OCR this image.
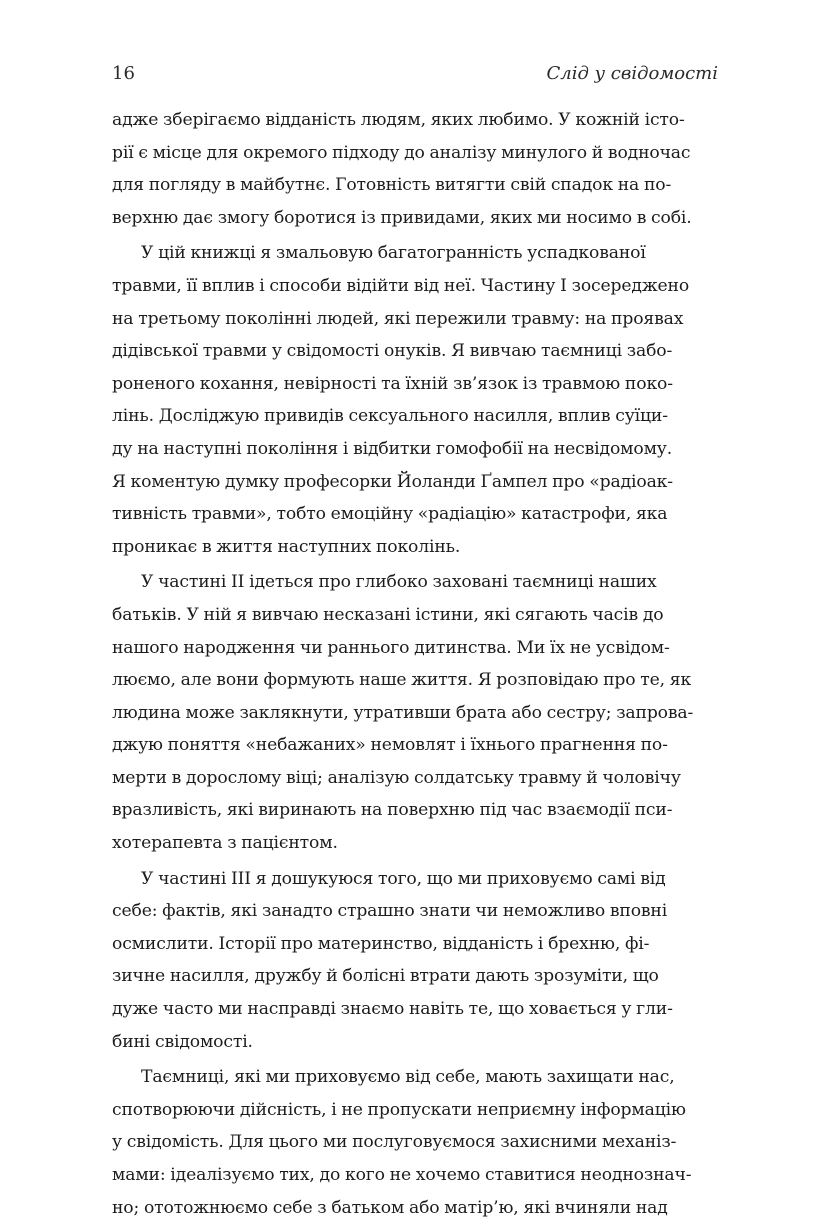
16	Слід у свідомості
адже зберігаємо відданість людям, яких любимо. У кожній істо-
рії є місце для окремого підходу до аналізу минулого й водночас
для погляду в майбутнє. Готовність витягти свій спадок на по-
верхню дає змогу боротися із привидами, яких ми носимо в собі.
У цій книжці я змальовую багатогранність успадкованої
травми, її вплив і способи відійти від неї. Частину І зосереджено
на третьому поколінні людей, які пережили травму: на проявах
дідівської травми у свідомості онуків. Я вивчаю таємниці забо-
роненого кохання, невірності та їхній зв’язок із травмою поко-
лінь. Досліджую привидів сексуального насилля, вплив суїци-
ду на наступні покоління і відбитки гомофобії на несвідомому.
Я коментую думку професорки Йоланди Ґампел про «радіоак-
тивність травми», тобто емоційну «радіацію» катастрофи, яка
проникає в життя наступних поколінь.
У частині ІІ ідеться про глибоко заховані таємниці наших
батьків. У ній я вивчаю несказані істини, які сягають часів до
нашого народження чи раннього дитинства. Ми їх не усвідом-
люємо, але вони формують наше життя. Я розповідаю про те, як
людина може заклякнути, утративши брата або сестру; запрова-
джую поняття «небажаних» немовлят і їхнього прагнення по-
мерти в дорослому віці; аналізую солдатську травму й чоловічу
вразливість, які виринають на поверхню під час взаємодії пси-
хотерапевта з пацієнтом.
У частині ІІІ я дошукуюся того, що ми приховуємо самі від
себе: фактів, які занадто страшно знати чи неможливо вповні
осмислити. Історії про материнство, відданість і брехню, фі-
зичне насилля, дружбу й болісні втрати дають зрозуміти, що
дуже часто ми насправді знаємо навіть те, що ховається у гли-
бині свідомості.
Таємниці, які ми приховуємо від себе, мають захищати нас,
спотворюючи дійсність, і не пропускати неприємну інформацію
у свідомість. Для цього ми послуговуємося захисними механіз-
мами: ідеалізуємо тих, до кого не хочемо ставитися неоднознач-
но; ототожнюємо себе з батьком або матір’ю, які вчиняли над
